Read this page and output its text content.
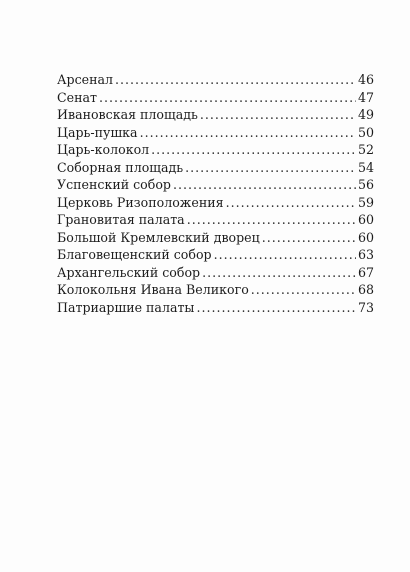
Арсенал .....	46
Сенат .....	47
Ивановская площадь .....	49
Царь-пушка .....	50
Царь-колокол .....	52
Соборная площадь .....	54
Успенский собор .....	56
Церковь Ризоположения .....	59
Грановитая палата .....	60
Большой Кремлевский дворец .....	60
Благовещенский собор .....	63
Архангельский собор .....	67
Колокольня Ивана Великого .....	68
Патриаршие палаты .....	73
